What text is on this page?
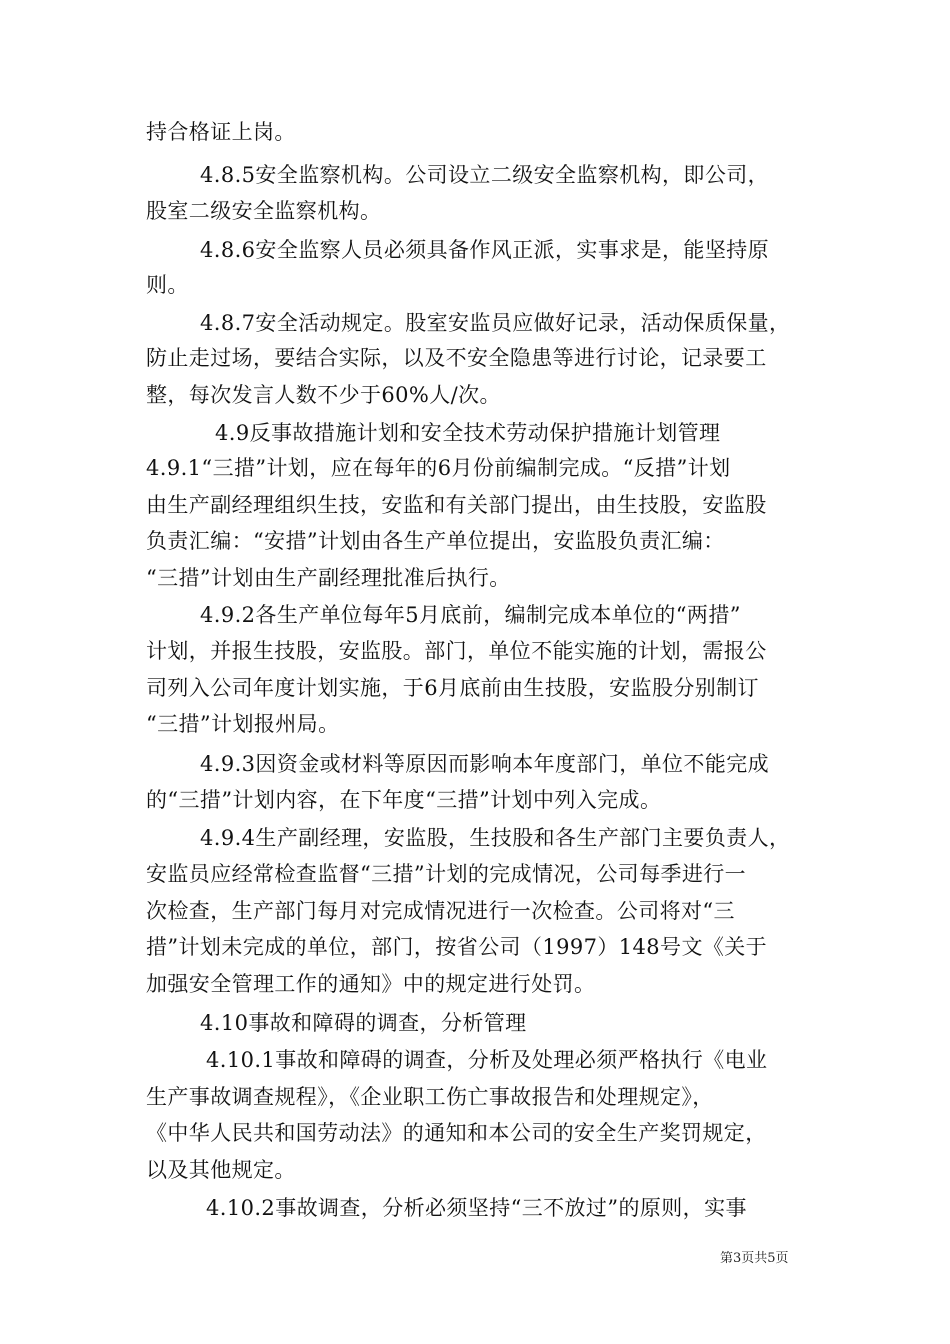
持合格证上岗。
4.8.5安全监察机构。公司设立二级安全监察机构，即公司，
股室二级安全监察机构。
4.8.6安全监察人员必须具备作风正派，实事求是，能坚持原
则。
4.8.7安全活动规定。股室安监员应做好记录，活动保质保量，
防止走过场，要结合实际，以及不安全隐患等进行讨论，记录要工
整，每次发言人数不少于60%人/次。
4.9反事故措施计划和安全技术劳动保护措施计划管理
4.9.1“三措”计划，应在每年的6月份前编制完成。“反措”计划
由生产副经理组织生技，安监和有关部门提出，由生技股，安监股
负责汇编：“安措”计划由各生产单位提出，安监股负责汇编：
“三措”计划由生产副经理批准后执行。
4.9.2各生产单位每年5月底前，编制完成本单位的“两措”
计划，并报生技股，安监股。部门，单位不能实施的计划，需报公
司列入公司年度计划实施，于6月底前由生技股，安监股分别制订
“三措”计划报州局。
4.9.3因资金或材料等原因而影响本年度部门，单位不能完成
的“三措”计划内容，在下年度“三措”计划中列入完成。
4.9.4生产副经理，安监股，生技股和各生产部门主要负责人，
安监员应经常检查监督“三措”计划的完成情况，公司每季进行一
次检查，生产部门每月对完成情况进行一次检查。公司将对“三
措”计划未完成的单位，部门，按省公司（1997）148号文《关于
加强安全管理工作的通知》中的规定进行处罚。
4.10事故和障碍的调查，分析管理
4.10.1事故和障碍的调查，分析及处理必须严格执行《电业
生产事故调查规程》，《企业职工伤亡事故报告和处理规定》，
《中华人民共和国劳动法》的通知和本公司的安全生产奖罚规定，
以及其他规定。
4.10.2事故调查，分析必须坚持“三不放过”的原则，实事
第3页共5页
